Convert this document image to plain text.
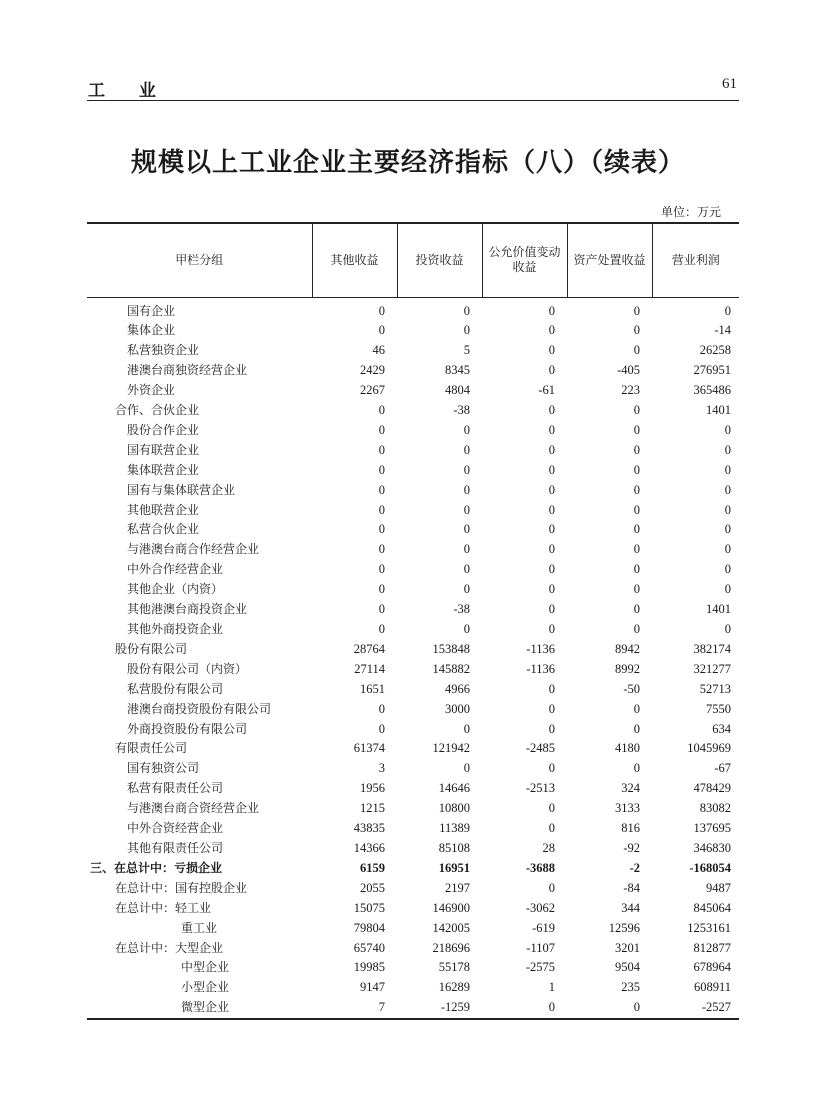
工 业	61
规模以上工业企业主要经济指标（八）（续表）
单位：万元
甲栏分组	其他收益	投资收益	公允价值变动收益	资产处置收益	营业利润
国有企业	0	0	0	0	0
集体企业	0	0	0	0	-14
私营独资企业	46	5	0	0	26258
港澳台商独资经营企业	2429	8345	0	-405	276951
外资企业	2267	4804	-61	223	365486
合作、合伙企业	0	-38	0	0	1401
股份合作企业	0	0	0	0	0
国有联营企业	0	0	0	0	0
集体联营企业	0	0	0	0	0
国有与集体联营企业	0	0	0	0	0
其他联营企业	0	0	0	0	0
私营合伙企业	0	0	0	0	0
与港澳台商合作经营企业	0	0	0	0	0
中外合作经营企业	0	0	0	0	0
其他企业（内资）	0	0	0	0	0
其他港澳台商投资企业	0	-38	0	0	1401
其他外商投资企业	0	0	0	0	0
股份有限公司	28764	153848	-1136	8942	382174
股份有限公司（内资）	27114	145882	-1136	8992	321277
私营股份有限公司	1651	4966	0	-50	52713
港澳台商投资股份有限公司	0	3000	0	0	7550
外商投资股份有限公司	0	0	0	0	634
有限责任公司	61374	121942	-2485	4180	1045969
国有独资公司	3	0	0	0	-67
私营有限责任公司	1956	14646	-2513	324	478429
与港澳台商合资经营企业	1215	10800	0	3133	83082
中外合资经营企业	43835	11389	0	816	137695
其他有限责任公司	14366	85108	28	-92	346830
三、在总计中：亏损企业	6159	16951	-3688	-2	-168054
在总计中：国有控股企业	2055	2197	0	-84	9487
在总计中：轻工业	15075	146900	-3062	344	845064
重工业	79804	142005	-619	12596	1253161
在总计中：大型企业	65740	218696	-1107	3201	812877
中型企业	19985	55178	-2575	9504	678964
小型企业	9147	16289	1	235	608911
微型企业	7	-1259	0	0	-2527
